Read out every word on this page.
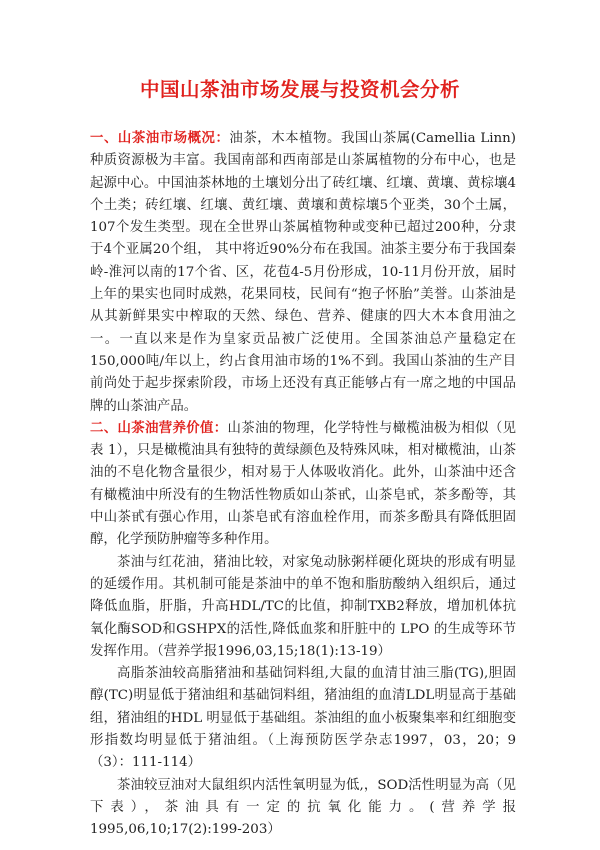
中国山茶油市场发展与投资机会分析

一、山茶油市场概况：油茶，木本植物。我国山茶属(Camellia Linn)种质资源极为丰富。我国南部和西南部是山茶属植物的分布中心，也是起源中心。中国油茶林地的土壤划分出了砖红壤、红壤、黄壤、黄棕壤4个土类；砖红壤、红壤、黄红壤、黄壤和黄棕壤5个亚类，30个土属，107个发生类型。现在全世界山茶属植物种或变种已超过200种，分隶于4个亚属20个组， 其中将近90%分布在我国。油茶主要分布于我国秦岭-淮河以南的17个省、区，花苞4-5月份形成，10-11月份开放，届时上年的果实也同时成熟，花果同枝，民间有“抱子怀胎”美誉。山茶油是从其新鲜果实中榨取的天然、绿色、营养、健康的四大木本食用油之一。一直以来是作为皇家贡品被广泛使用。全国茶油总产量稳定在150,000吨/年以上，约占食用油市场的1%不到。我国山茶油的生产目前尚处于起步探索阶段，市场上还没有真正能够占有一席之地的中国品牌的山茶油产品。

二、山茶油营养价值：山茶油的物理，化学特性与橄榄油极为相似（见表 1），只是橄榄油具有独特的黄绿颜色及特殊风味，相对橄榄油，山茶油的不皂化物含量很少，相对易于人体吸收消化。此外，山茶油中还含有橄榄油中所没有的生物活性物质如山茶甙，山茶皂甙，茶多酚等，其中山茶甙有强心作用，山茶皂甙有溶血栓作用，而茶多酚具有降低胆固醇，化学预防肿瘤等多种作用。

茶油与红花油，猪油比较，对家兔动脉粥样硬化斑块的形成有明显的延缓作用。其机制可能是茶油中的单不饱和脂肪酸纳入组织后，通过降低血脂，肝脂，升高HDL/TC的比值，抑制TXB2释放，增加机体抗氧化酶SOD和GSHPX的活性,降低血浆和肝脏中的 LPO 的生成等环节发挥作用。（营养学报1996,03,15;18(1):13-19）

高脂茶油较高脂猪油和基础饲料组,大鼠的血清甘油三脂(TG),胆固醇(TC)明显低于猪油组和基础饲料组，猪油组的血清LDL明显高于基础组，猪油组的HDL 明显低于基础组。茶油组的血小板聚集率和红细胞变形指数均明显低于猪油组。（上海预防医学杂志1997，03，20；9（3）：111-114）

茶油较豆油对大鼠组织内活性氧明显为低,，SOD活性明显为高（见下表），茶油具有一定的抗氧化能力。(营养学报1995,06,10;17(2):199-203）
